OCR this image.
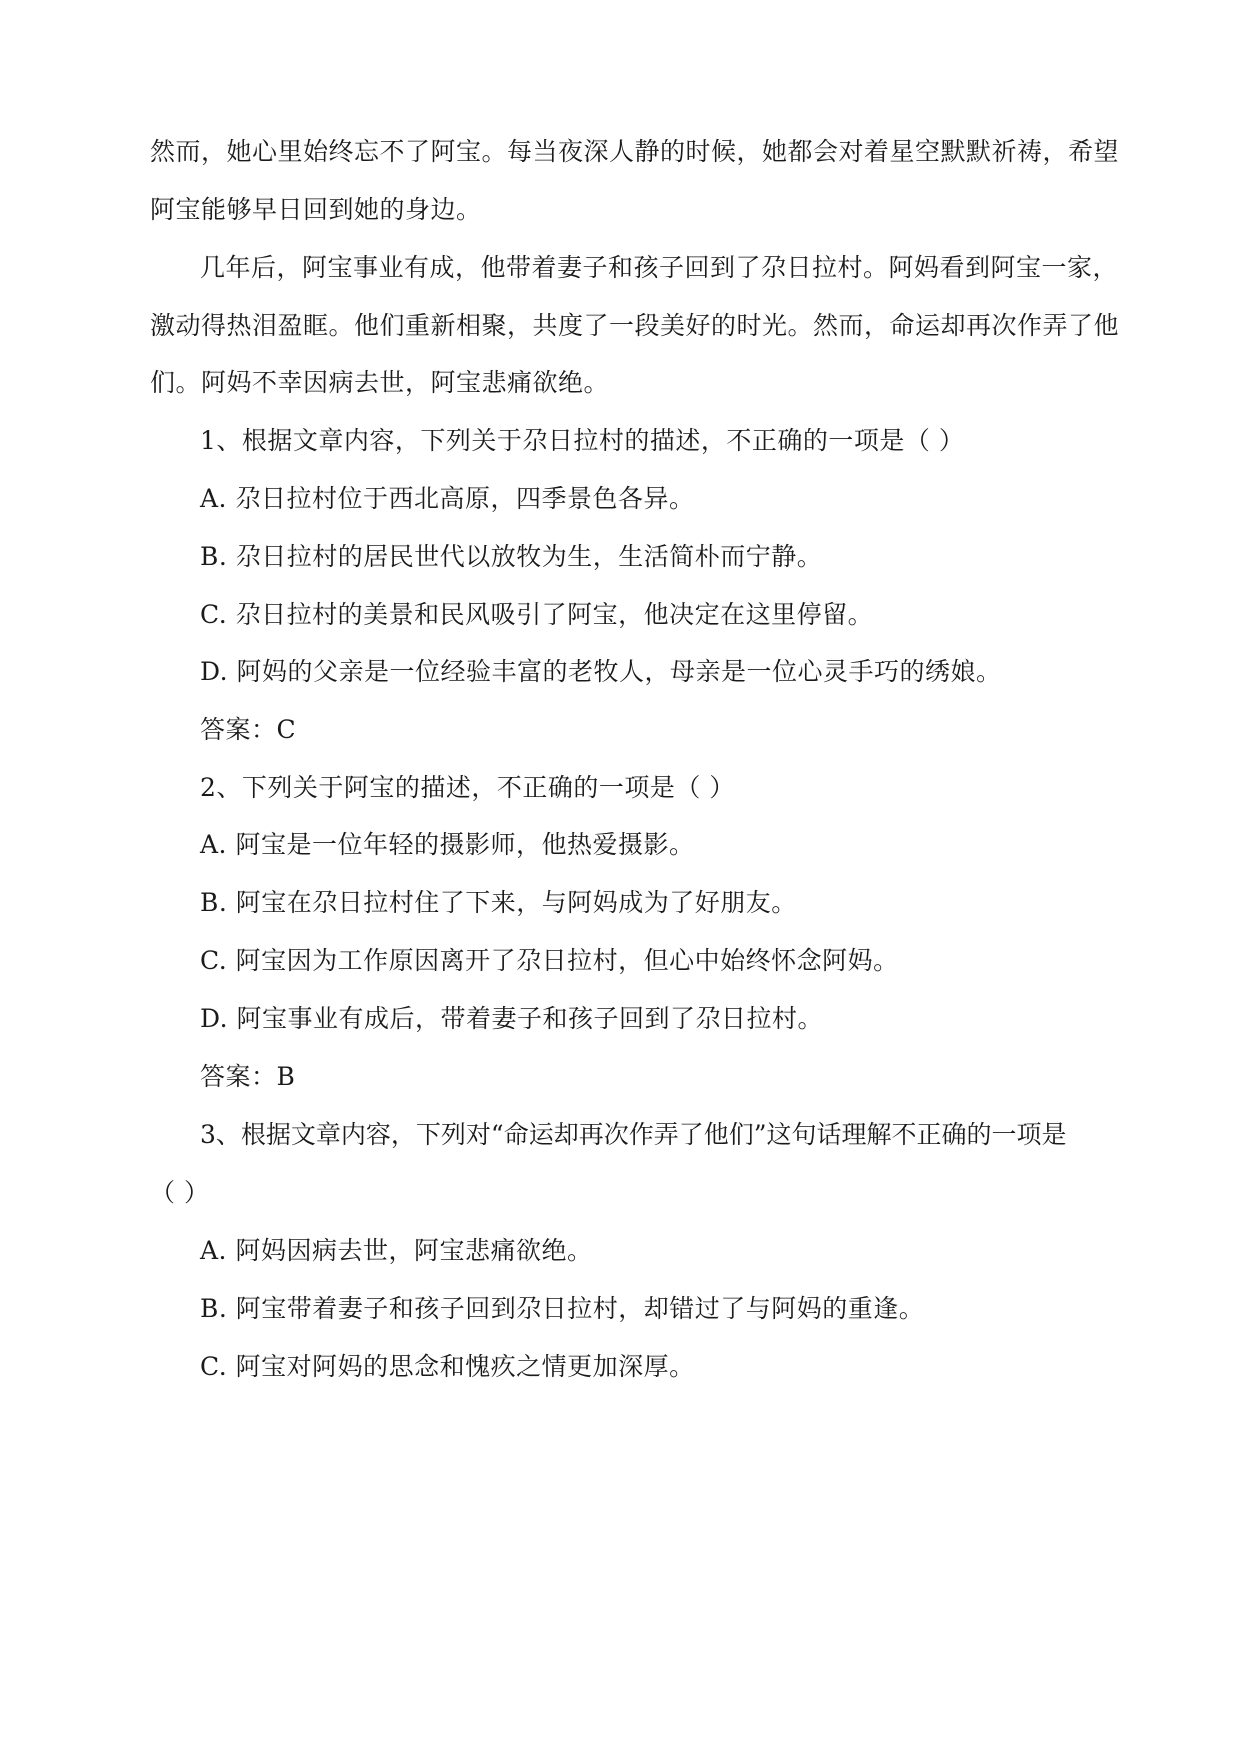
然而，她心里始终忘不了阿宝。每当夜深人静的时候，她都会对着星空默默祈祷，希望
阿宝能够早日回到她的身边。
几年后，阿宝事业有成，他带着妻子和孩子回到了尕日拉村。阿妈看到阿宝一家，
激动得热泪盈眶。他们重新相聚，共度了一段美好的时光。然而，命运却再次作弄了他
们。阿妈不幸因病去世，阿宝悲痛欲绝。
1、根据文章内容，下列关于尕日拉村的描述，不正确的一项是（ ）
A. 尕日拉村位于西北高原，四季景色各异。
B. 尕日拉村的居民世代以放牧为生，生活简朴而宁静。
C. 尕日拉村的美景和民风吸引了阿宝，他决定在这里停留。
D. 阿妈的父亲是一位经验丰富的老牧人，母亲是一位心灵手巧的绣娘。
答案：C
2、下列关于阿宝的描述，不正确的一项是（ ）
A. 阿宝是一位年轻的摄影师，他热爱摄影。
B. 阿宝在尕日拉村住了下来，与阿妈成为了好朋友。
C. 阿宝因为工作原因离开了尕日拉村，但心中始终怀念阿妈。
D. 阿宝事业有成后，带着妻子和孩子回到了尕日拉村。
答案：B
3、根据文章内容，下列对“命运却再次作弄了他们”这句话理解不正确的一项是
（ ）
A. 阿妈因病去世，阿宝悲痛欲绝。
B. 阿宝带着妻子和孩子回到尕日拉村，却错过了与阿妈的重逢。
C. 阿宝对阿妈的思念和愧疚之情更加深厚。
